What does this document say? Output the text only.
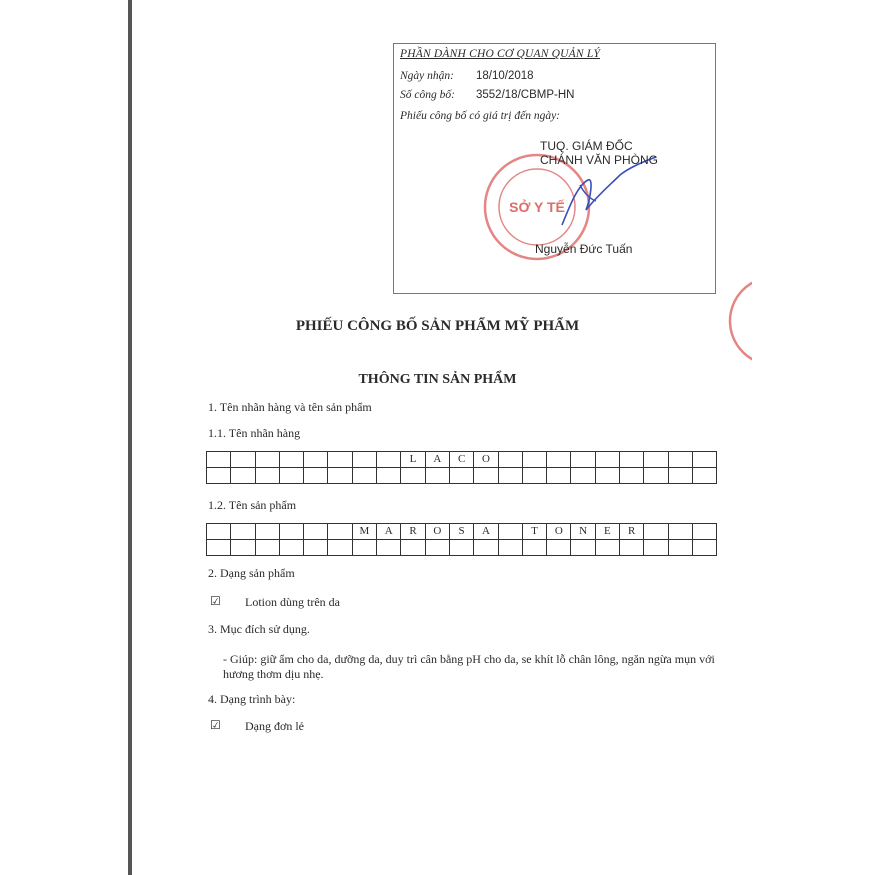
PHẦN DÀNH CHO CƠ QUAN QUẢN LÝ
Ngày nhận: 18/10/2018
Số công bố: 3552/18/CBMP-HN
Phiếu công bố có giá trị đến ngày:
SỞ Y TẾ
TUQ. GIÁM ĐỐC
CHÁNH VĂN PHÒNG
Nguyễn Đức Tuấn
PHIẾU CÔNG BỐ SẢN PHẨM MỸ PHẨM
THÔNG TIN SẢN PHẨM
1. Tên nhãn hàng và tên sản phẩm
1.1. Tên nhãn hàng
L	A	C	O
1.2. Tên sản phẩm
M	A	R	O	S	A	T	O	N	E	R
2. Dạng sản phẩm
☑ Lotion dùng trên da
3. Mục đích sử dụng.
- Giúp: giữ ẩm cho da, dưỡng da, duy trì cân bằng pH cho da, se khít lỗ chân lông, ngăn ngừa mụn với hương thơm dịu nhẹ.
4. Dạng trình bày:
☑ Dạng đơn lẻ
